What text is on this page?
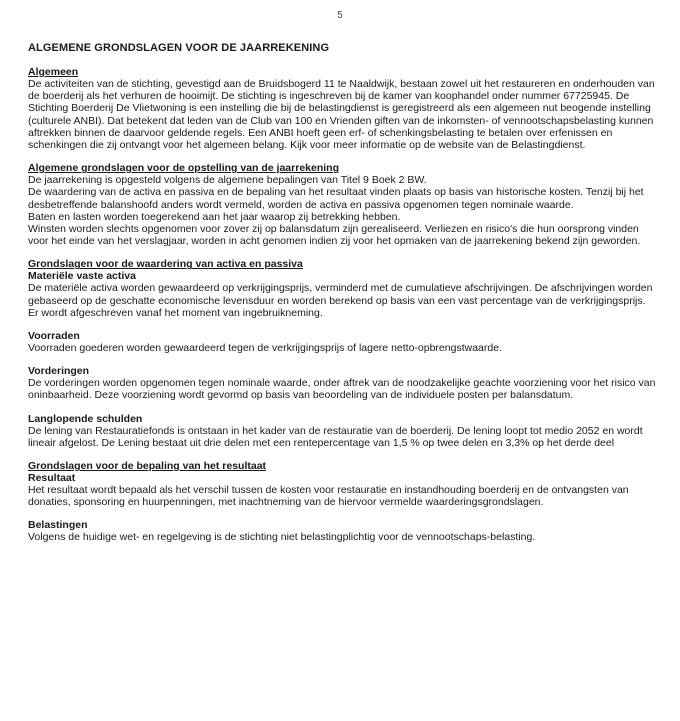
5
ALGEMENE GRONDSLAGEN VOOR DE JAARREKENING
Algemeen

De activiteiten van de stichting, gevestigd aan de Bruidsbogerd 11 te Naaldwijk, bestaan zowel uit het restaureren en onderhouden van de boerderij als het verhuren de hooimijt. De stichting is ingeschreven bij de kamer van koophandel onder nummer 67725945. De Stichting Boerderij De Vlietwoning is een instelling die bij de belastingdienst is geregistreerd als een algemeen nut beogende instelling (culturele ANBI). Dat betekent dat leden van de Club van 100 en Vrienden giften van de inkomsten- of vennootschapsbelasting kunnen aftrekken binnen de daarvoor geldende regels. Een ANBI hoeft geen erf- of schenkingsbelasting te betalen over erfenissen en schenkingen die zij ontvangt voor het algemeen belang. Kijk voor meer informatie op de website van de Belastingdienst.

Algemene grondslagen voor de opstelling van de jaarrekening

De jaarrekening is opgesteld volgens de algemene bepalingen van Titel 9 Boek 2 BW.

De waardering van de activa en passiva en de bepaling van het resultaat vinden plaats op basis van historische kosten. Tenzij bij het desbetreffende balanshoofd anders wordt vermeld, worden de activa en passiva opgenomen tegen nominale waarde.

Baten en lasten worden toegerekend aan het jaar waarop zij betrekking hebben.

Winsten worden slechts opgenomen voor zover zij op balansdatum zijn gerealiseerd. Verliezen en risico's die hun oorsprong vinden voor het einde van het verslagjaar, worden in acht genomen indien zij voor het opmaken van de jaarrekening bekend zijn geworden.

Grondslagen voor de waardering van activa en passiva
Materiële vaste activa

De materiële activa worden gewaardeerd op verkrijgingsprijs, verminderd met de cumulatieve afschrijvingen. De afschrijvingen worden gebaseerd op de geschatte economische levensduur en worden berekend op basis van een vast percentage van de verkrijgingsprijs. Er wordt afgeschreven vanaf het moment van ingebruikneming.

Voorraden

Voorraden goederen worden gewaardeerd tegen de verkrijgingsprijs of lagere netto-opbrengstwaarde.

Vorderingen

De vorderingen worden opgenomen tegen nominale waarde, onder aftrek van de noodzakelijke geachte voorziening voor het risico van oninbaarheid. Deze voorziening wordt gevormd op basis van beoordeling van de individuele posten per balansdatum.

Langlopende schulden

De lening van Restauratiefonds is ontstaan in het kader van de restauratie van de boerderij. De lening loopt tot medio 2052 en wordt lineair afgelost. De Lening bestaat uit drie delen met een rentepercentage van 1,5 % op twee delen en 3,3% op het derde deel

Grondslagen voor de bepaling van het resultaat
Resultaat

Het resultaat wordt bepaald als het verschil tussen de kosten voor restauratie en instandhouding boerderij en de ontvangsten van donaties, sponsoring en huurpenningen, met inachtneming van de hiervoor vermelde waarderingsgrondslagen.

Belastingen

Volgens de huidige wet- en regelgeving is de stichting niet belastingplichtig voor de vennootschaps-belasting.
